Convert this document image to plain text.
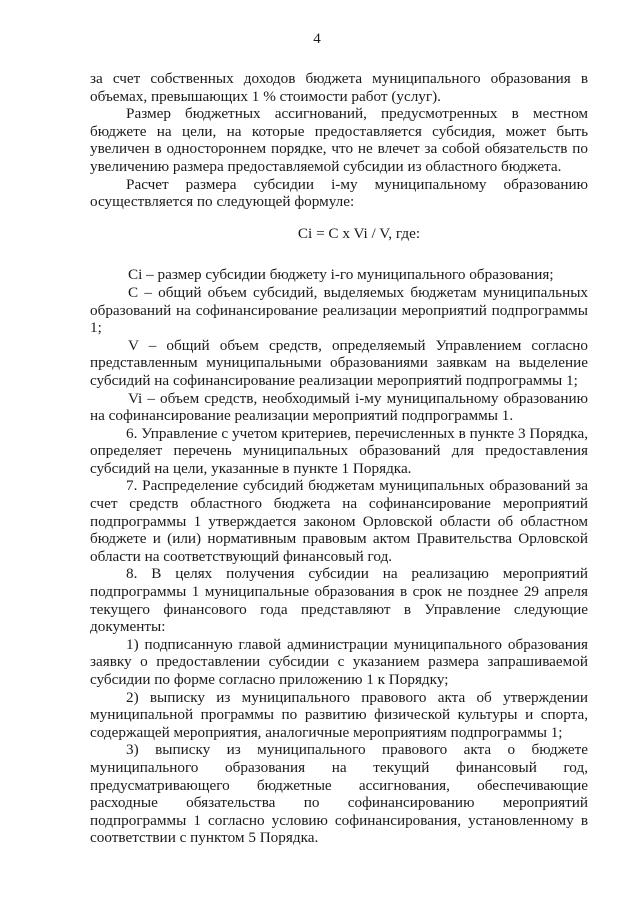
4

за счет собственных доходов бюджета муниципального образования в объемах, превышающих 1 % стоимости работ (услуг).

Размер бюджетных ассигнований, предусмотренных в местном бюджете на цели, на которые предоставляется субсидия, может быть увеличен в одностороннем порядке, что не влечет за собой обязательств по увеличению размера предоставляемой субсидии из областного бюджета.

Расчет размера субсидии i-му муниципальному образованию осуществляется по следующей формуле:

Ci = C x Vi / V, где:

Ci – размер субсидии бюджету i-го муниципального образования;

C – общий объем субсидий, выделяемых бюджетам муниципальных образований на софинансирование реализации мероприятий подпрограммы 1;

V – общий объем средств, определяемый Управлением согласно представленным муниципальными образованиями заявкам на выделение субсидий на софинансирование реализации мероприятий подпрограммы 1;

Vi – объем средств, необходимый i-му муниципальному образованию на софинансирование реализации мероприятий подпрограммы 1.

6. Управление с учетом критериев, перечисленных в пункте 3 Порядка, определяет перечень муниципальных образований для предоставления субсидий на цели, указанные в пункте 1 Порядка.

7. Распределение субсидий бюджетам муниципальных образований за счет средств областного бюджета на софинансирование мероприятий подпрограммы 1 утверждается законом Орловской области об областном бюджете и (или) нормативным правовым актом Правительства Орловской области на соответствующий финансовый год.

8. В целях получения субсидии на реализацию мероприятий подпрограммы 1 муниципальные образования в срок не позднее 29 апреля текущего финансового года представляют в Управление следующие документы:

1) подписанную главой администрации муниципального образования заявку о предоставлении субсидии с указанием размера запрашиваемой субсидии по форме согласно приложению 1 к Порядку;

2) выписку из муниципального правового акта об утверждении муниципальной программы по развитию физической культуры и спорта, содержащей мероприятия, аналогичные мероприятиям подпрограммы 1;

3) выписку из муниципального правового акта о бюджете муниципального образования на текущий финансовый год, предусматривающего бюджетные ассигнования, обеспечивающие расходные обязательства по софинансированию мероприятий подпрограммы 1 согласно условию софинансирования, установленному в соответствии с пунктом 5 Порядка.
